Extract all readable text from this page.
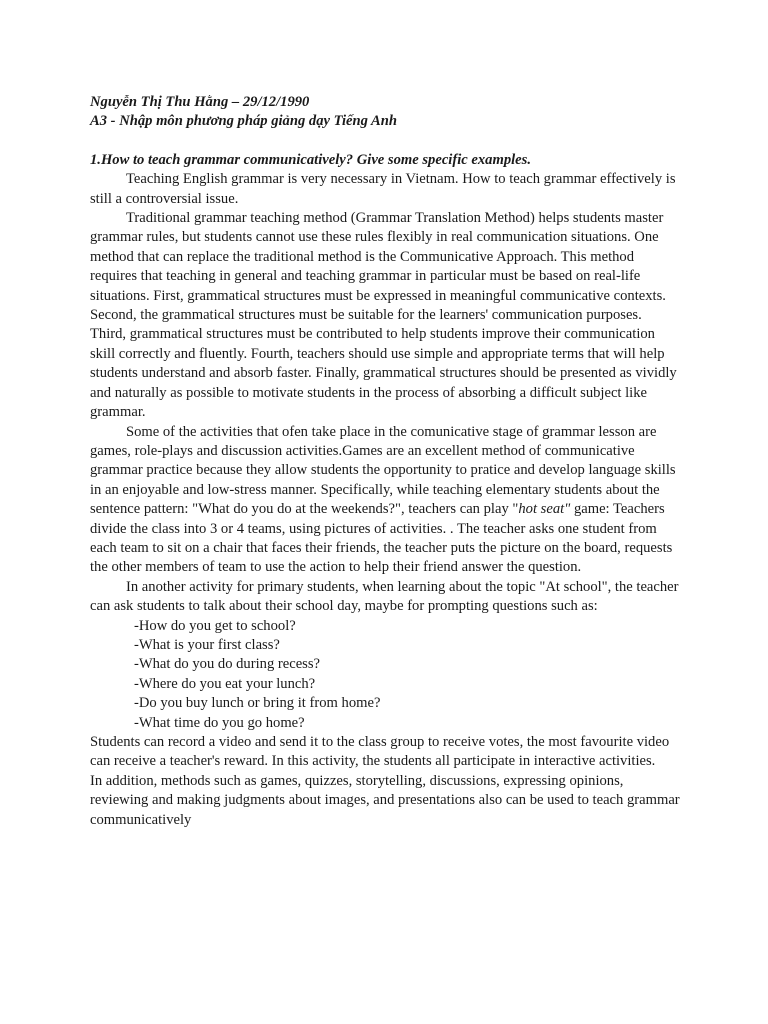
Nguyễn Thị Thu Hằng – 29/12/1990
A3 - Nhập môn phương pháp giảng dạy Tiếng Anh
1.How to teach grammar communicatively? Give some specific examples.

Teaching English grammar is very necessary in Vietnam. How to teach grammar effectively is still a controversial issue.

Traditional grammar teaching method (Grammar Translation Method) helps students master grammar rules, but students cannot use these rules flexibly in real communication situations. One method that can replace the traditional method is the Communicative Approach. This method requires that teaching in general and teaching grammar in particular must be based on real-life situations. First, grammatical structures must be expressed in meaningful communicative contexts. Second, the grammatical structures must be suitable for the learners' communication purposes. Third, grammatical structures must be contributed to help students improve their communication skill correctly and fluently. Fourth, teachers should use simple and appropriate terms that will help students understand and absorb faster. Finally, grammatical structures should be presented as vividly and naturally as possible to motivate students in the process of absorbing a difficult subject like grammar.

Some of the activities that ofen take place in the comunicative stage of grammar lesson are games, role-plays and discussion activities.Games are an excellent method of communicative grammar practice because they allow students the opportunity to pratice and develop language skills in an enjoyable and low-stress manner. Specifically, while teaching elementary students about the sentence pattern: "What do you do at the weekends?", teachers can play "hot seat" game: Teachers divide the class into 3 or 4 teams, using pictures of activities. . The teacher asks one student from each team to sit on a chair that faces their friends, the teacher puts the picture on the board, requests the other members of team to use the action to help their friend answer the question.

In another activity for primary students, when learning about the topic "At school", the teacher can ask students to talk about their school day, maybe for prompting questions such as:

-How do you get to school?
-What is your first class?
-What do you do during recess?
-Where do you eat your lunch?
-Do you buy lunch or bring it from home?
-What time do you go home?

Students can record a video and send it to the class group to receive votes, the most favourite video can receive a teacher's reward. In this activity, the students all participate in interactive activities.

In addition, methods such as games, quizzes, storytelling, discussions, expressing opinions, reviewing and making judgments about images, and presentations also can be used to teach grammar communicatively
